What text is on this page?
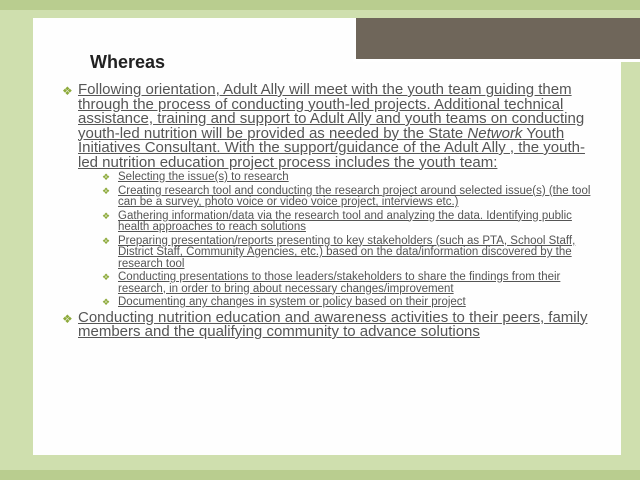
Whereas
❖ Following orientation, Adult Ally will meet with the youth team guiding them through the process of conducting youth-led projects. Additional technical assistance, training and support to Adult Ally and youth teams on conducting youth-led nutrition will be provided as needed by the State Network Youth Initiatives Consultant. With the support/guidance of the Adult Ally , the youth-led nutrition education project process includes the youth team:
❖ Selecting the issue(s) to research
❖ Creating research tool and conducting the research project around selected issue(s) (the tool can be a survey, photo voice or video voice project, interviews etc.)
❖ Gathering information/data via the research tool and analyzing the data. Identifying public health approaches to reach solutions
❖ Preparing presentation/reports presenting to key stakeholders (such as PTA, School Staff, District Staff, Community Agencies, etc.) based on the data/information discovered by the research tool
❖ Conducting presentations to those leaders/stakeholders to share the findings from their research, in order to bring about necessary changes/improvement
❖ Documenting any changes in system or policy based on their project
❖ Conducting nutrition education and awareness activities to their peers, family members and the qualifying community to advance solutions
